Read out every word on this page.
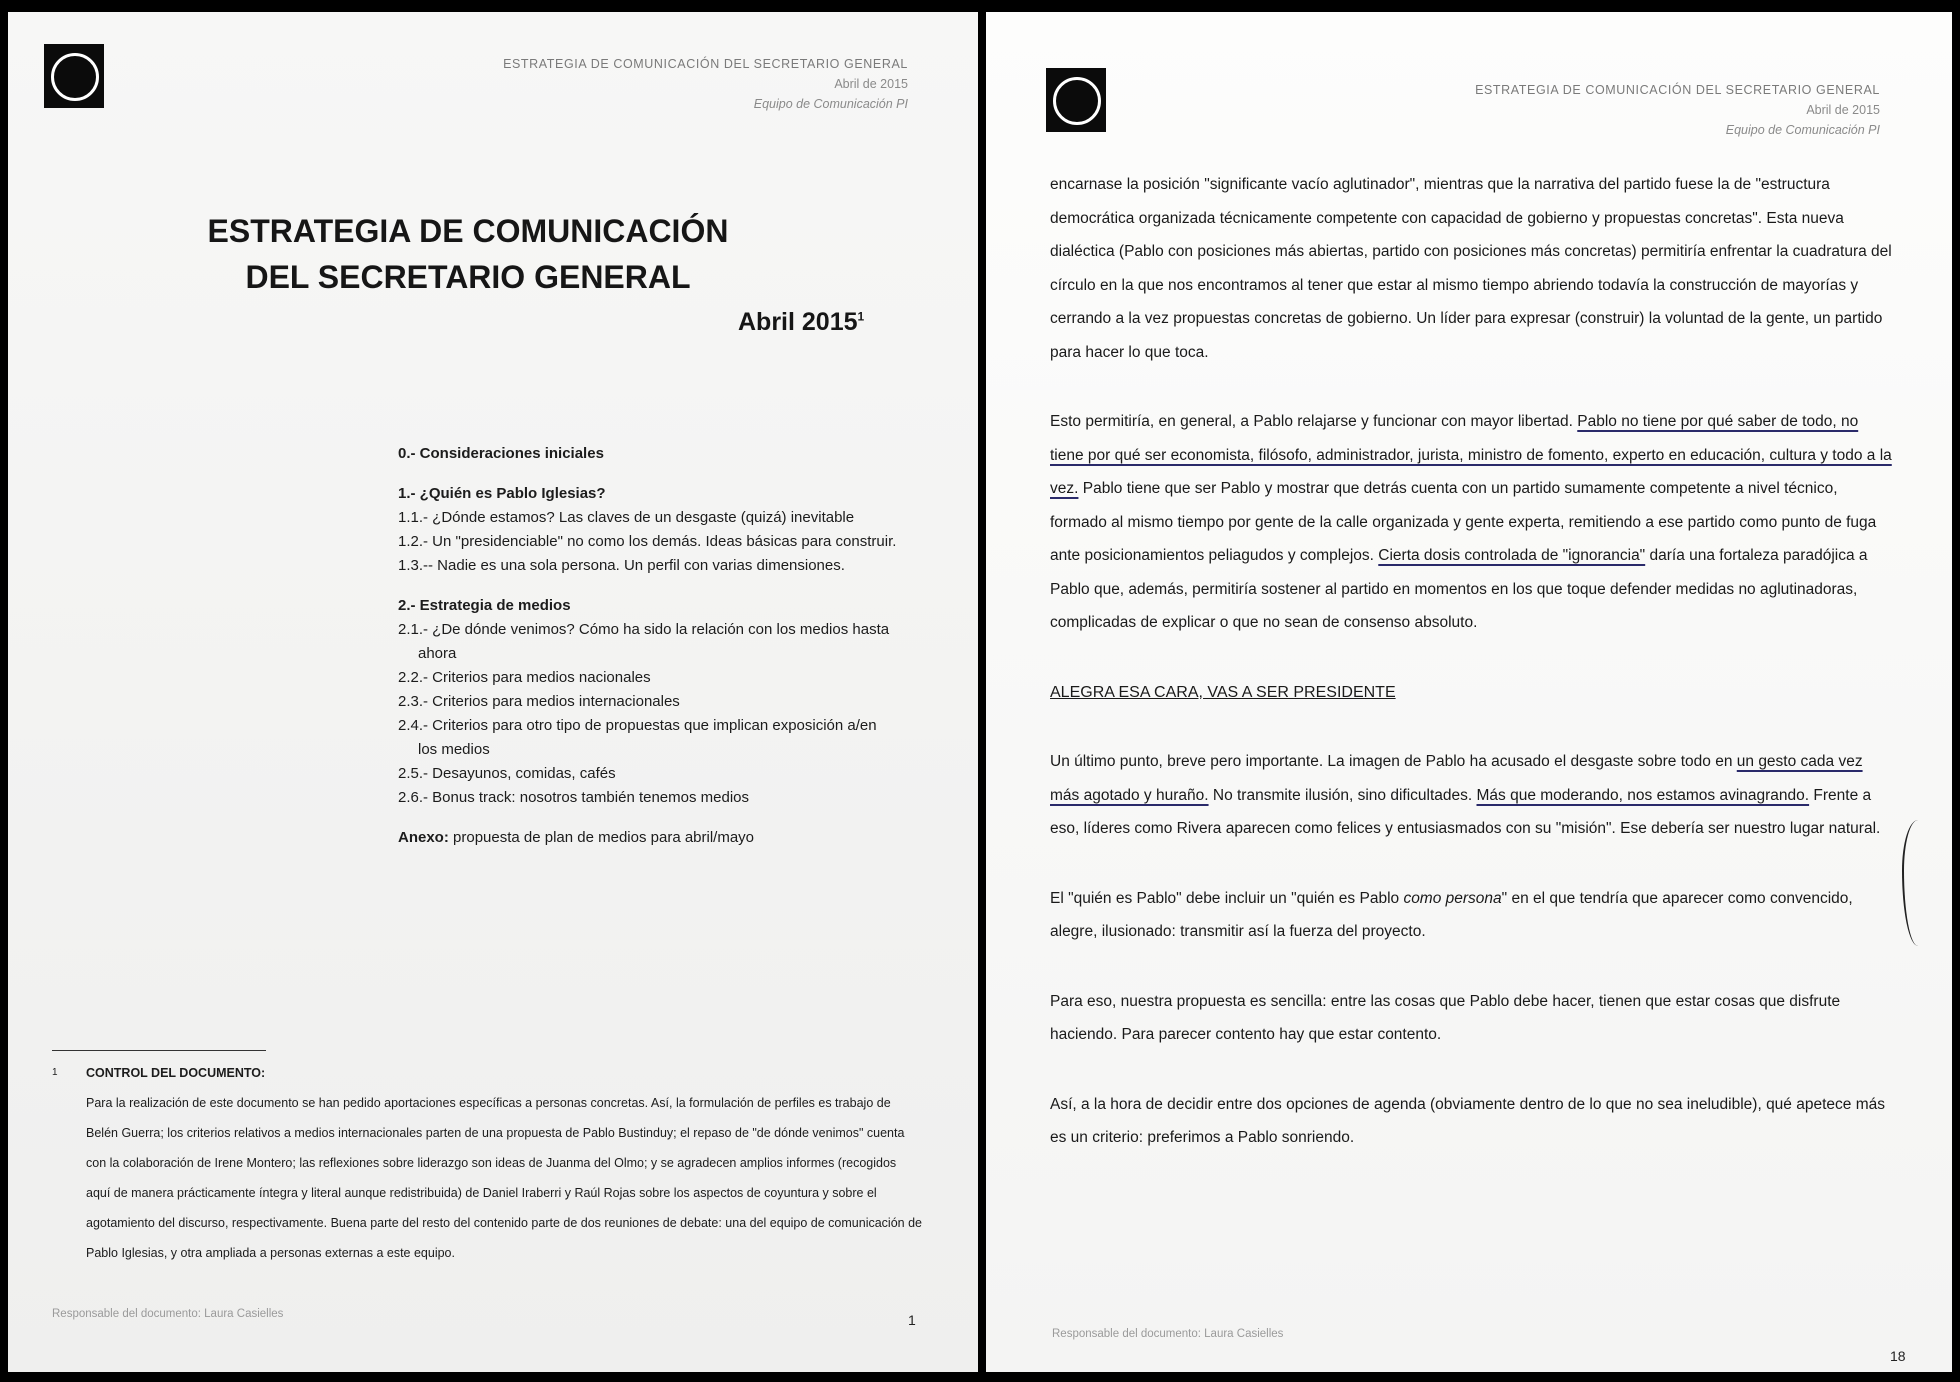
ESTRATEGIA DE COMUNICACIÓN DEL SECRETARIO GENERAL
Abril de 2015
Equipo de Comunicación PI
ESTRATEGIA DE COMUNICACIÓN
DEL SECRETARIO GENERAL
Abril 2015$^1$
0.- Consideraciones iniciales
1.- ¿Quién es Pablo Iglesias?
1.1.- ¿Dónde estamos? Las claves de un desgaste (quizá) inevitable
1.2.- Un "presidenciable" no como los demás. Ideas básicas para construir.
1.3.-- Nadie es una sola persona. Un perfil con varias dimensiones.
2.- Estrategia de medios
2.1.- ¿De dónde venimos? Cómo ha sido la relación con los medios hasta ahora
2.2.- Criterios para medios nacionales
2.3.- Criterios para medios internacionales
2.4.- Criterios para otro tipo de propuestas que implican exposición a/en los medios
2.5.- Desayunos, comidas, cafés
2.6.- Bonus track: nosotros también tenemos medios
Anexo: propuesta de plan de medios para abril/mayo
1 CONTROL DEL DOCUMENTO:
Para la realización de este documento se han pedido aportaciones específicas a personas concretas. Así, la formulación de perfiles es trabajo de Belén Guerra; los criterios relativos a medios internacionales parten de una propuesta de Pablo Bustinduy; el repaso de "de dónde venimos" cuenta con la colaboración de Irene Montero; las reflexiones sobre liderazgo son ideas de Juanma del Olmo; y se agradecen amplios informes (recogidos aquí de manera prácticamente íntegra y literal aunque redistribuida) de Daniel Iraberri y Raúl Rojas sobre los aspectos de coyuntura y sobre el agotamiento del discurso, respectivamente. Buena parte del resto del contenido parte de dos reuniones de debate: una del equipo de comunicación de Pablo Iglesias, y otra ampliada a personas externas a este equipo.
Responsable del documento: Laura Casielles	1
ESTRATEGIA DE COMUNICACIÓN DEL SECRETARIO GENERAL
Abril de 2015
Equipo de Comunicación PI

encarnase la posición "significante vacío aglutinador", mientras que la narrativa del partido fuese la de "estructura democrática organizada técnicamente competente con capacidad de gobierno y propuestas concretas". Esta nueva dialéctica (Pablo con posiciones más abiertas, partido con posiciones más concretas) permitiría enfrentar la cuadratura del círculo en la que nos encontramos al tener que estar al mismo tiempo abriendo todavía la construcción de mayorías y cerrando a la vez propuestas concretas de gobierno. Un líder para expresar (construir) la voluntad de la gente, un partido para hacer lo que toca.

Esto permitiría, en general, a Pablo relajarse y funcionar con mayor libertad. Pablo no tiene por qué saber de todo, no tiene por qué ser economista, filósofo, administrador, jurista, ministro de fomento, experto en educación, cultura y todo a la vez. Pablo tiene que ser Pablo y mostrar que detrás cuenta con un partido sumamente competente a nivel técnico, formado al mismo tiempo por gente de la calle organizada y gente experta, remitiendo a ese partido como punto de fuga ante posicionamientos peliagudos y complejos. Cierta dosis controlada de "ignorancia" daría una fortaleza paradójica a Pablo que, además, permitiría sostener al partido en momentos en los que toque defender medidas no aglutinadoras, complicadas de explicar o que no sean de consenso absoluto.

ALEGRA ESA CARA, VAS A SER PRESIDENTE

Un último punto, breve pero importante. La imagen de Pablo ha acusado el desgaste sobre todo en un gesto cada vez más agotado y huraño. No transmite ilusión, sino dificultades. Más que moderando, nos estamos avinagrando. Frente a eso, líderes como Rivera aparecen como felices y entusiasmados con su "misión". Ese debería ser nuestro lugar natural.

El "quién es Pablo" debe incluir un "quién es Pablo como persona" en el que tendría que aparecer como convencido, alegre, ilusionado: transmitir así la fuerza del proyecto.

Para eso, nuestra propuesta es sencilla: entre las cosas que Pablo debe hacer, tienen que estar cosas que disfrute haciendo. Para parecer contento hay que estar contento.

Así, a la hora de decidir entre dos opciones de agenda (obviamente dentro de lo que no sea ineludible), qué apetece más es un criterio: preferimos a Pablo sonriendo.

Responsable del documento: Laura Casielles
18
